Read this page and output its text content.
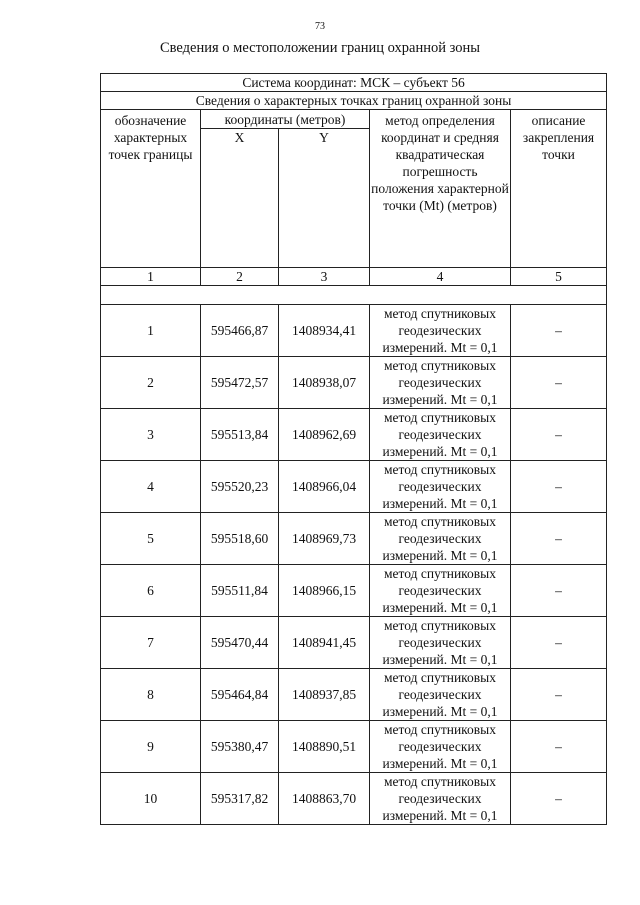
73
Сведения о местоположении границ охранной зоны
Система координат: МСК – субъект 56				
Сведения о характерных точках границ охранной зоны				
обозначение характерных точек границы	координаты (метров)		метод определения координат и средняя квадратическая погрешность положения характерной точки (Mt) (метров)	описание закрепления точки
	X	Y		
1	2	3	4	5

1	595466,87	1408934,41	метод спутниковых геодезических измерений. Mt = 0,1	–
2	595472,57	1408938,07	метод спутниковых геодезических измерений. Mt = 0,1	–
3	595513,84	1408962,69	метод спутниковых геодезических измерений. Mt = 0,1	–
4	595520,23	1408966,04	метод спутниковых геодезических измерений. Mt = 0,1	–
5	595518,60	1408969,73	метод спутниковых геодезических измерений. Mt = 0,1	–
6	595511,84	1408966,15	метод спутниковых геодезических измерений. Mt = 0,1	–
7	595470,44	1408941,45	метод спутниковых геодезических измерений. Mt = 0,1	–
8	595464,84	1408937,85	метод спутниковых геодезических измерений. Mt = 0,1	–
9	595380,47	1408890,51	метод спутниковых геодезических измерений. Mt = 0,1	–
10	595317,82	1408863,70	метод спутниковых геодезических измерений. Mt = 0,1	–
